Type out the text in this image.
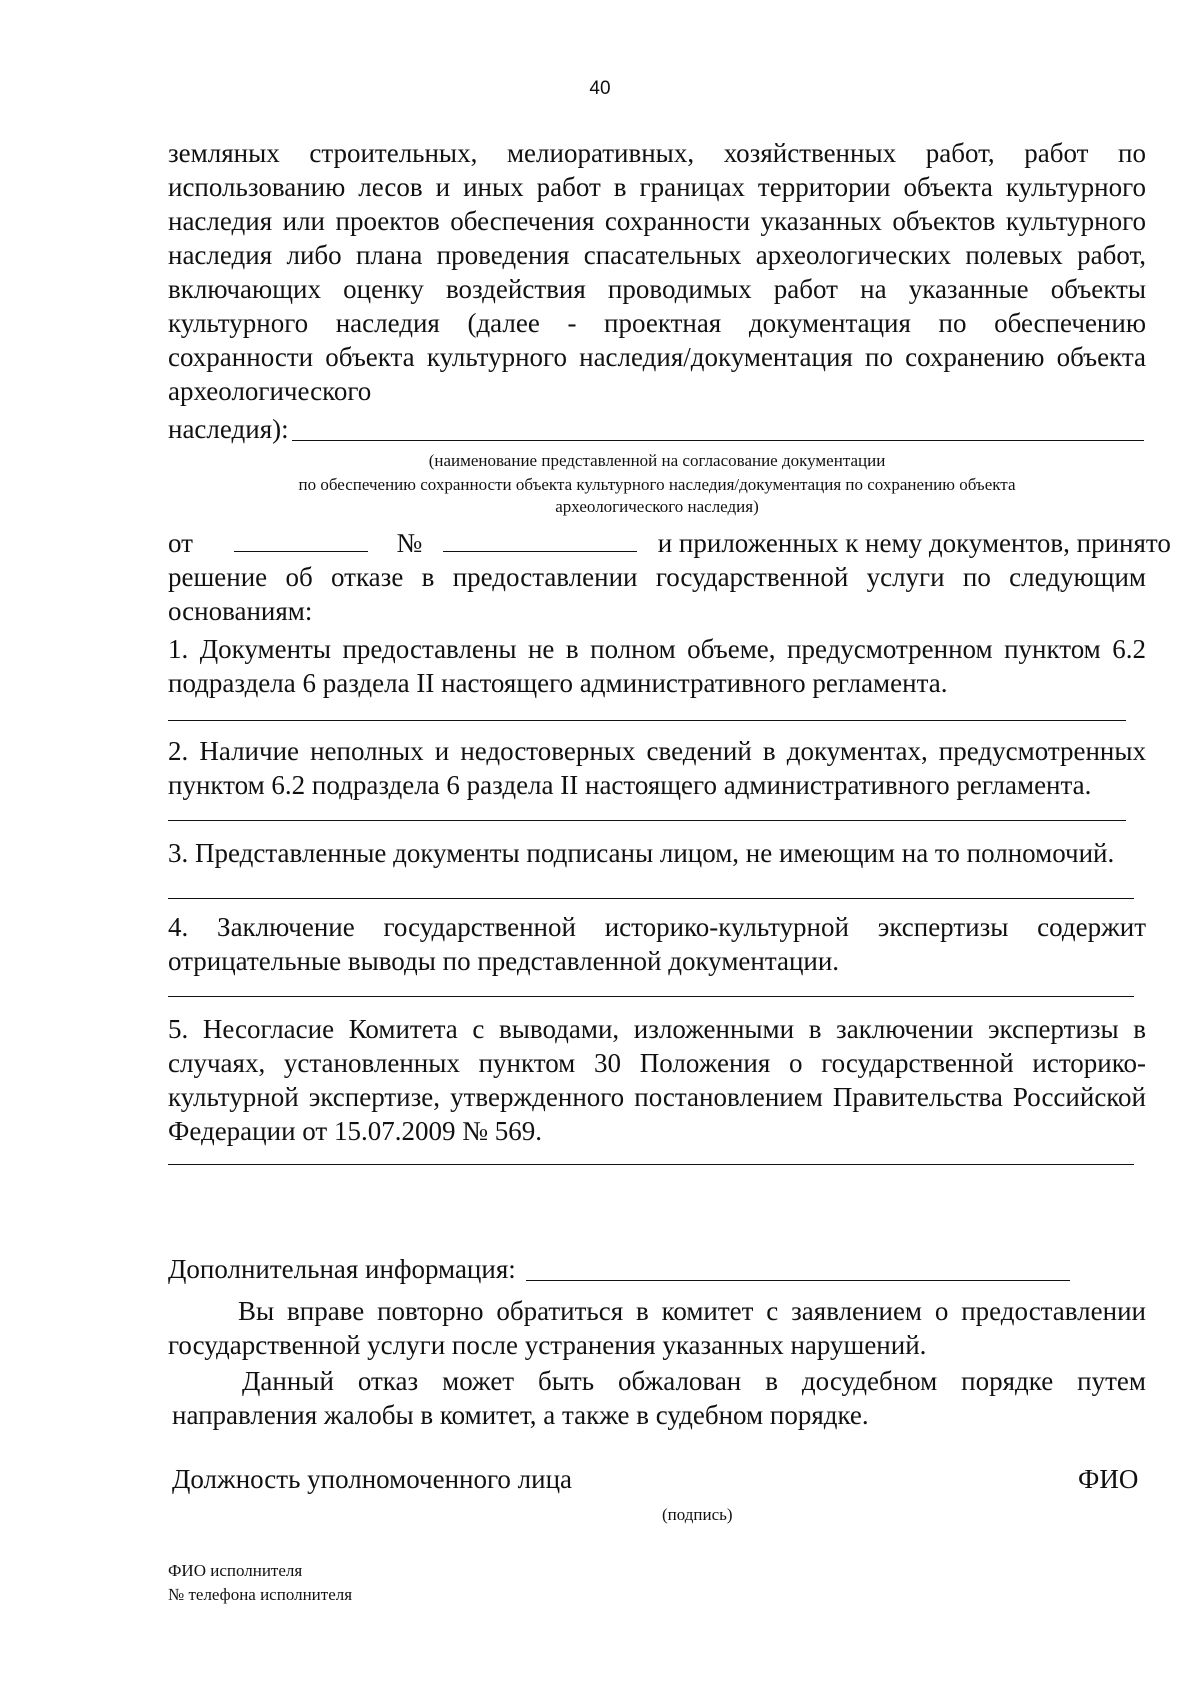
40
земляных строительных, мелиоративных, хозяйственных работ, работ по использованию лесов и иных работ в границах территории объекта культурного наследия или проектов обеспечения сохранности указанных объектов культурного наследия либо плана проведения спасательных археологических полевых работ, включающих оценку воздействия проводимых работ на указанные объекты культурного наследия (далее - проектная документация по обеспечению сохранности объекта культурного наследия/документация по сохранению объекта археологического
наследия):
(наименование представленной на согласование документации
по обеспечению сохранности объекта культурного наследия/документация по сохранению объекта
археологического наследия)
от	№	и приложенных к нему документов, принято
решение об отказе в предоставлении государственной услуги по следующим основаниям:
1. Документы предоставлены не в полном объеме, предусмотренном пунктом 6.2 подраздела 6 раздела II настоящего административного регламента.
2. Наличие неполных и недостоверных сведений в документах, предусмотренных пунктом 6.2 подраздела 6 раздела II настоящего административного регламента.
3. Представленные документы подписаны лицом, не имеющим на то полномочий.
4. Заключение государственной историко-культурной экспертизы содержит отрицательные выводы по представленной документации.
5. Несогласие Комитета с выводами, изложенными в заключении экспертизы в случаях, установленных пунктом 30 Положения о государственной историко-культурной экспертизе, утвержденного постановлением Правительства Российской Федерации от 15.07.2009 № 569.
Дополнительная информация:
Вы вправе повторно обратиться в комитет с заявлением о предоставлении государственной услуги после устранения указанных нарушений.
Данный отказ может быть обжалован в досудебном порядке путем направления жалобы в комитет, а также в судебном порядке.
Должность уполномоченного лица	ФИО
(подпись)
ФИО исполнителя
№ телефона исполнителя
